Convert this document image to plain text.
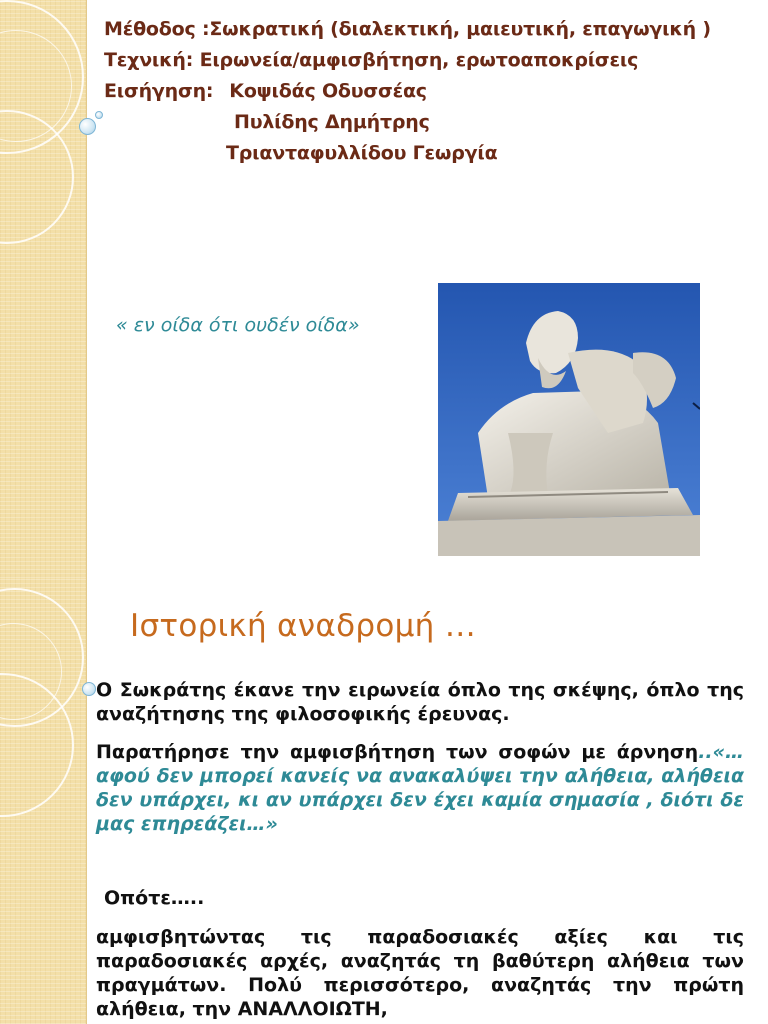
Μέθοδος :Σωκρατική (διαλεκτική, μαιευτική, επαγωγική )
Τεχνική: Ειρωνεία/αμφισβήτηση, ερωτοαποκρίσεις
Εισήγηση: Κοψιδάς Οδυσσέας
Πυλίδης Δημήτρης
Τριανταφυλλίδου Γεωργία
« εν οίδα ότι ουδέν οίδα»
Ιστορική αναδρομή …
Ο Σωκράτης έκανε την ειρωνεία όπλο της σκέψης, όπλο της αναζήτησης της φιλοσοφικής έρευνας.
Παρατήρησε την αμφισβήτηση των σοφών με άρνηση..«…αφού δεν μπορεί κανείς να ανακαλύψει την αλήθεια, αλήθεια δεν υπάρχει, κι αν υπάρχει δεν έχει καμία σημασία , διότι δε μας επηρεάζει…»
Οπότε…..
αμφισβητώντας τις παραδοσιακές αξίες και τις παραδοσιακές αρχές, αναζητάς τη βαθύτερη αλήθεια των πραγμάτων. Πολύ περισσότερο, αναζητάς την πρώτη αλήθεια, την ΑΝΑΛΛΟΙΩΤΗ,
